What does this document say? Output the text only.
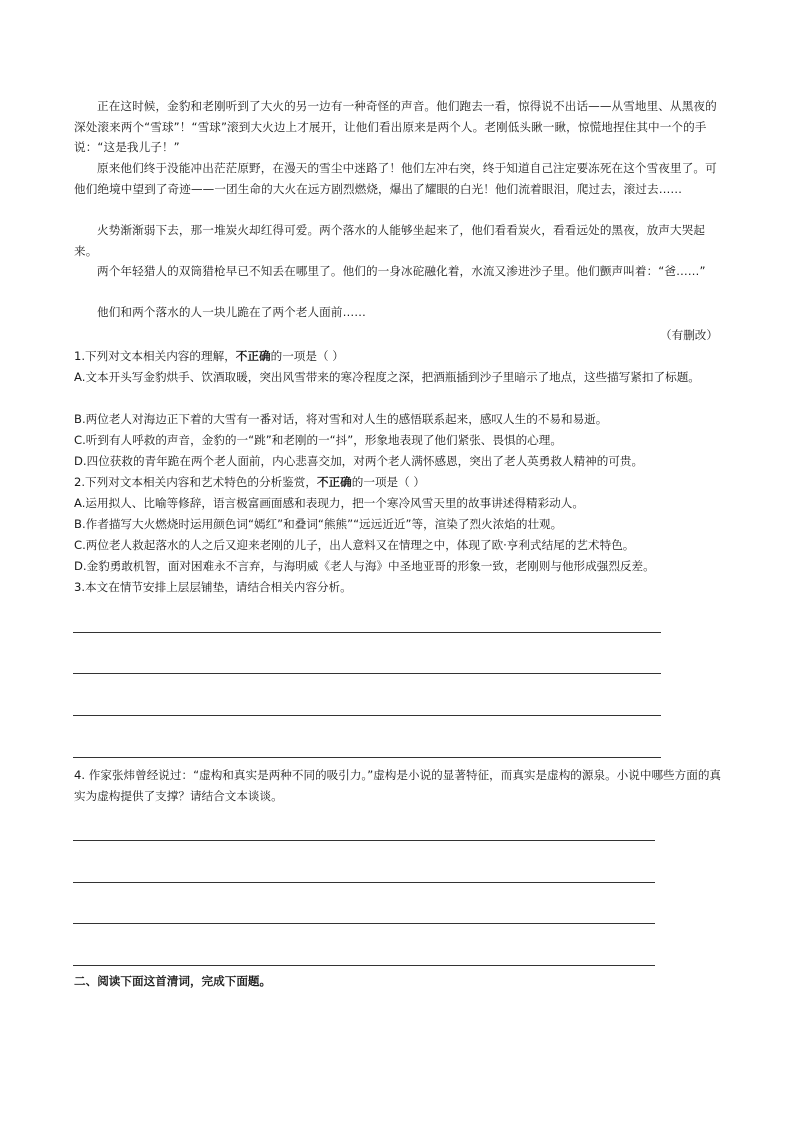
正在这时候，金豹和老刚听到了大火的另一边有一种奇怪的声音。他们跑去一看，惊得说不出话——从雪地里、从黑夜的深处滚来两个“雪球”！“雪球”滚到大火边上才展开，让他们看出原来是两个人。老刚低头瞅一瞅，惊慌地捏住其中一个的手说：“这是我儿子！”

原来他们终于没能冲出茫茫原野，在漫天的雪尘中迷路了！他们左冲右突，终于知道自己注定要冻死在这个雪夜里了。可他们绝境中望到了奇迹——一团生命的大火在远方剧烈燃烧，爆出了耀眼的白光！他们流着眼泪，爬过去，滚过去……

火势渐渐弱下去，那一堆炭火却红得可爱。两个落水的人能够坐起来了，他们看看炭火，看看远处的黑夜，放声大哭起来。

两个年轻猎人的双筒猎枪早已不知丢在哪里了。他们的一身冰砣融化着，水流又渗进沙子里。他们颤声叫着：“爸……”

他们和两个落水的人一块儿跪在了两个老人面前……

（有删改）

1.下列对文本相关内容的理解，不正确的一项是（ ）

A.文本开头写金豹烘手、饮酒取暖，突出风雪带来的寒冷程度之深，把酒瓶插到沙子里暗示了地点，这些描写紧扣了标题。

B.两位老人对海边正下着的大雪有一番对话，将对雪和对人生的感悟联系起来，感叹人生的不易和易逝。

C.听到有人呼救的声音，金豹的一“跳”和老刚的一“抖”，形象地表现了他们紧张、畏惧的心理。

D.四位获救的青年跪在两个老人面前，内心悲喜交加，对两个老人满怀感恩，突出了老人英勇救人精神的可贵。

2.下列对文本相关内容和艺术特色的分析鉴赏，不正确的一项是（ ）

A.运用拟人、比喻等修辞，语言极富画面感和表现力，把一个寒冷风雪天里的故事讲述得精彩动人。

B.作者描写大火燃烧时运用颜色词“嫣红”和叠词“熊熊”“远远近近”等，渲染了烈火浓焰的壮观。

C.两位老人救起落水的人之后又迎来老刚的儿子，出人意料又在情理之中，体现了欧·亨利式结尾的艺术特色。

D.金豹勇敢机智，面对困难永不言弃，与海明威《老人与海》中圣地亚哥的形象一致，老刚则与他形成强烈反差。

3.本文在情节安排上层层铺垫，请结合相关内容分析。

4. 作家张炜曾经说过：“虚构和真实是两种不同的吸引力。”虚构是小说的显著特征，而真实是虚构的源泉。小说中哪些方面的真实为虚构提供了支撑？请结合文本谈谈。

二、阅读下面这首清词，完成下面题。
